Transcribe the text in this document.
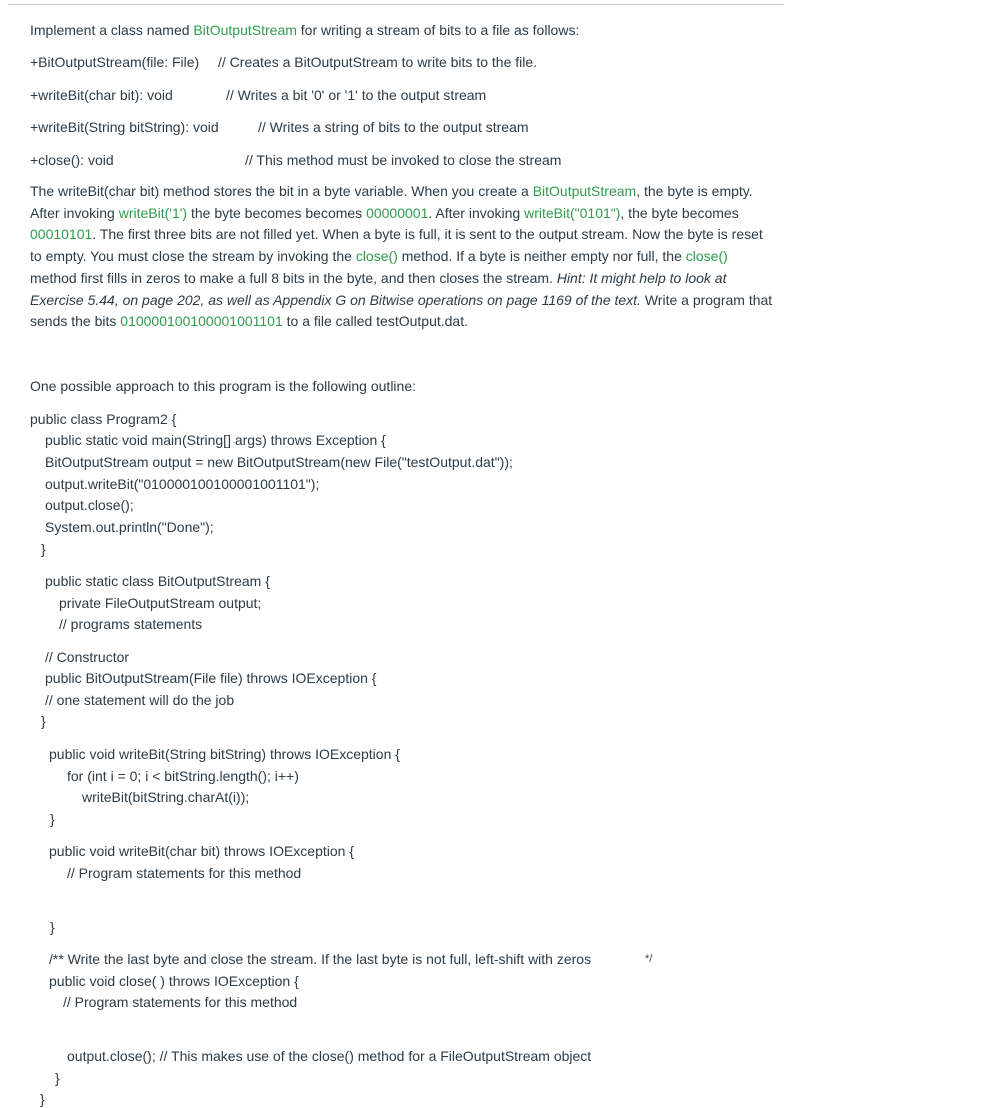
Implement a class named BitOutputStream for writing a stream of bits to a file as follows:
+BitOutputStream(file: File) // Creates a BitOutputStream to write bits to the file.
+writeBit(char bit): void	// Writes a bit '0' or '1' to the output stream
+writeBit(String bitString): void	// Writes a string of bits to the output stream
+close(): void	// This method must be invoked to close the stream
The writeBit(char bit) method stores the bit in a byte variable. When you create a BitOutputStream, the byte is empty. After invoking writeBit('1') the byte becomes becomes 00000001. After invoking writeBit("0101"), the byte becomes 00010101. The first three bits are not filled yet. When a byte is full, it is sent to the output stream. Now the byte is reset to empty. You must close the stream by invoking the close() method. If a byte is neither empty nor full, the close() method first fills in zeros to make a full 8 bits in the byte, and then closes the stream. Hint: It might help to look at Exercise 5.44, on page 202, as well as Appendix G on Bitwise operations on page 1169 of the text. Write a program that sends the bits 010000100100001001101 to a file called testOutput.dat.
One possible approach to this program is the following outline:
public class Program2 {
public static void main(String[] args) throws Exception {
BitOutputStream output = new BitOutputStream(new File("testOutput.dat"));
output.writeBit("010000100100001001101");
output.close();
System.out.println("Done");
}
public static class BitOutputStream {
private FileOutputStream output;
// programs statements
// Constructor
public BitOutputStream(File file) throws IOException {
// one statement will do the job
}
public void writeBit(String bitString) throws IOException {
for (int i = 0; i < bitString.length(); i++)
writeBit(bitString.charAt(i));
}
public void writeBit(char bit) throws IOException {
// Program statements for this method
}
/** Write the last byte and close the stream. If the last byte is not full, left-shift with zeros	*/
public void close( ) throws IOException {
// Program statements for this method
output.close(); // This makes use of the close() method for a FileOutputStream object
}
}
